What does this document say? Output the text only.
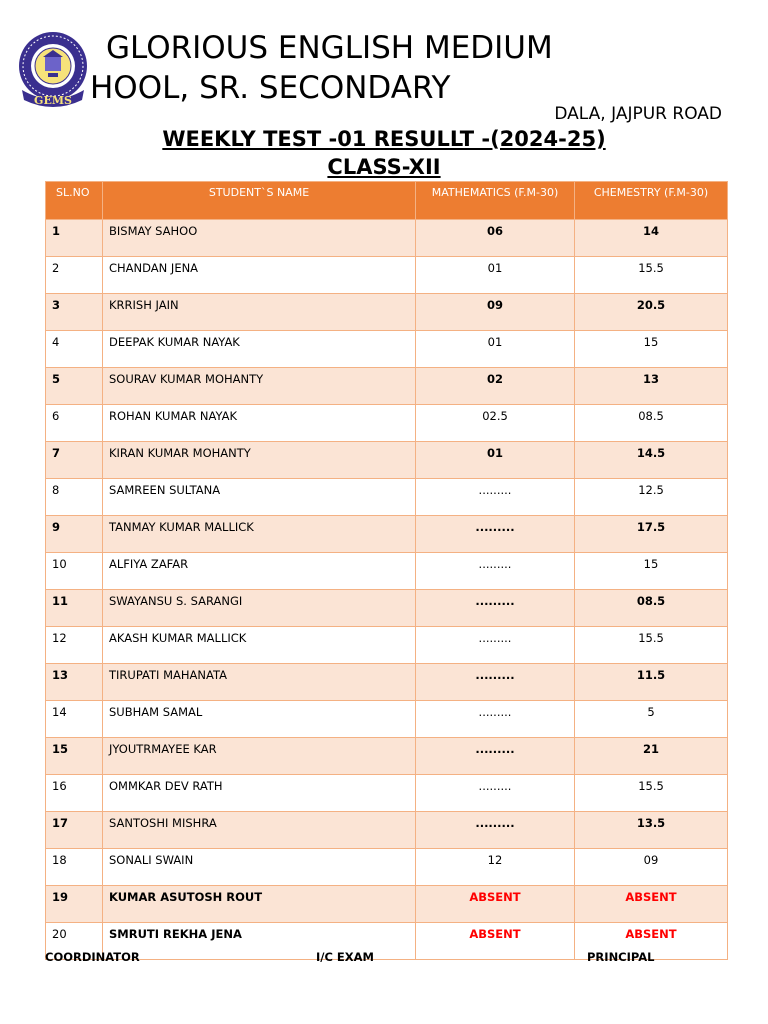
GEMS
GLORIOUS ENGLISH MEDIUM
HOOL, SR. SECONDARY
DALA, JAJPUR ROAD
WEEKLY TEST -01 RESULLT -(2024-25)
CLASS-XII
SL.NO	STUDENT`S NAME	MATHEMATICS (F.M-30)	CHEMESTRY (F.M-30)
1	BISMAY SAHOO	06	14
2	CHANDAN JENA	01	15.5
3	KRRISH JAIN	09	20.5
4	DEEPAK KUMAR NAYAK	01	15
5	SOURAV KUMAR MOHANTY	02	13
6	ROHAN KUMAR NAYAK	02.5	08.5
7	KIRAN KUMAR MOHANTY	01	14.5
8	SAMREEN SULTANA	.........	12.5
9	TANMAY KUMAR MALLICK	.........	17.5
10	ALFIYA ZAFAR	.........	15
11	SWAYANSU S. SARANGI	.........	08.5
12	AKASH KUMAR MALLICK	.........	15.5
13	TIRUPATI MAHANATA	.........	11.5
14	SUBHAM SAMAL	.........	5
15	JYOUTRMAYEE KAR	.........	21
16	OMMKAR DEV RATH	.........	15.5
17	SANTOSHI MISHRA	.........	13.5
18	SONALI SWAIN	12	09
19	KUMAR ASUTOSH ROUT	ABSENT	ABSENT
20	SMRUTI REKHA JENA	ABSENT	ABSENT
COORDINATOR	I/C EXAM	PRINCIPAL
